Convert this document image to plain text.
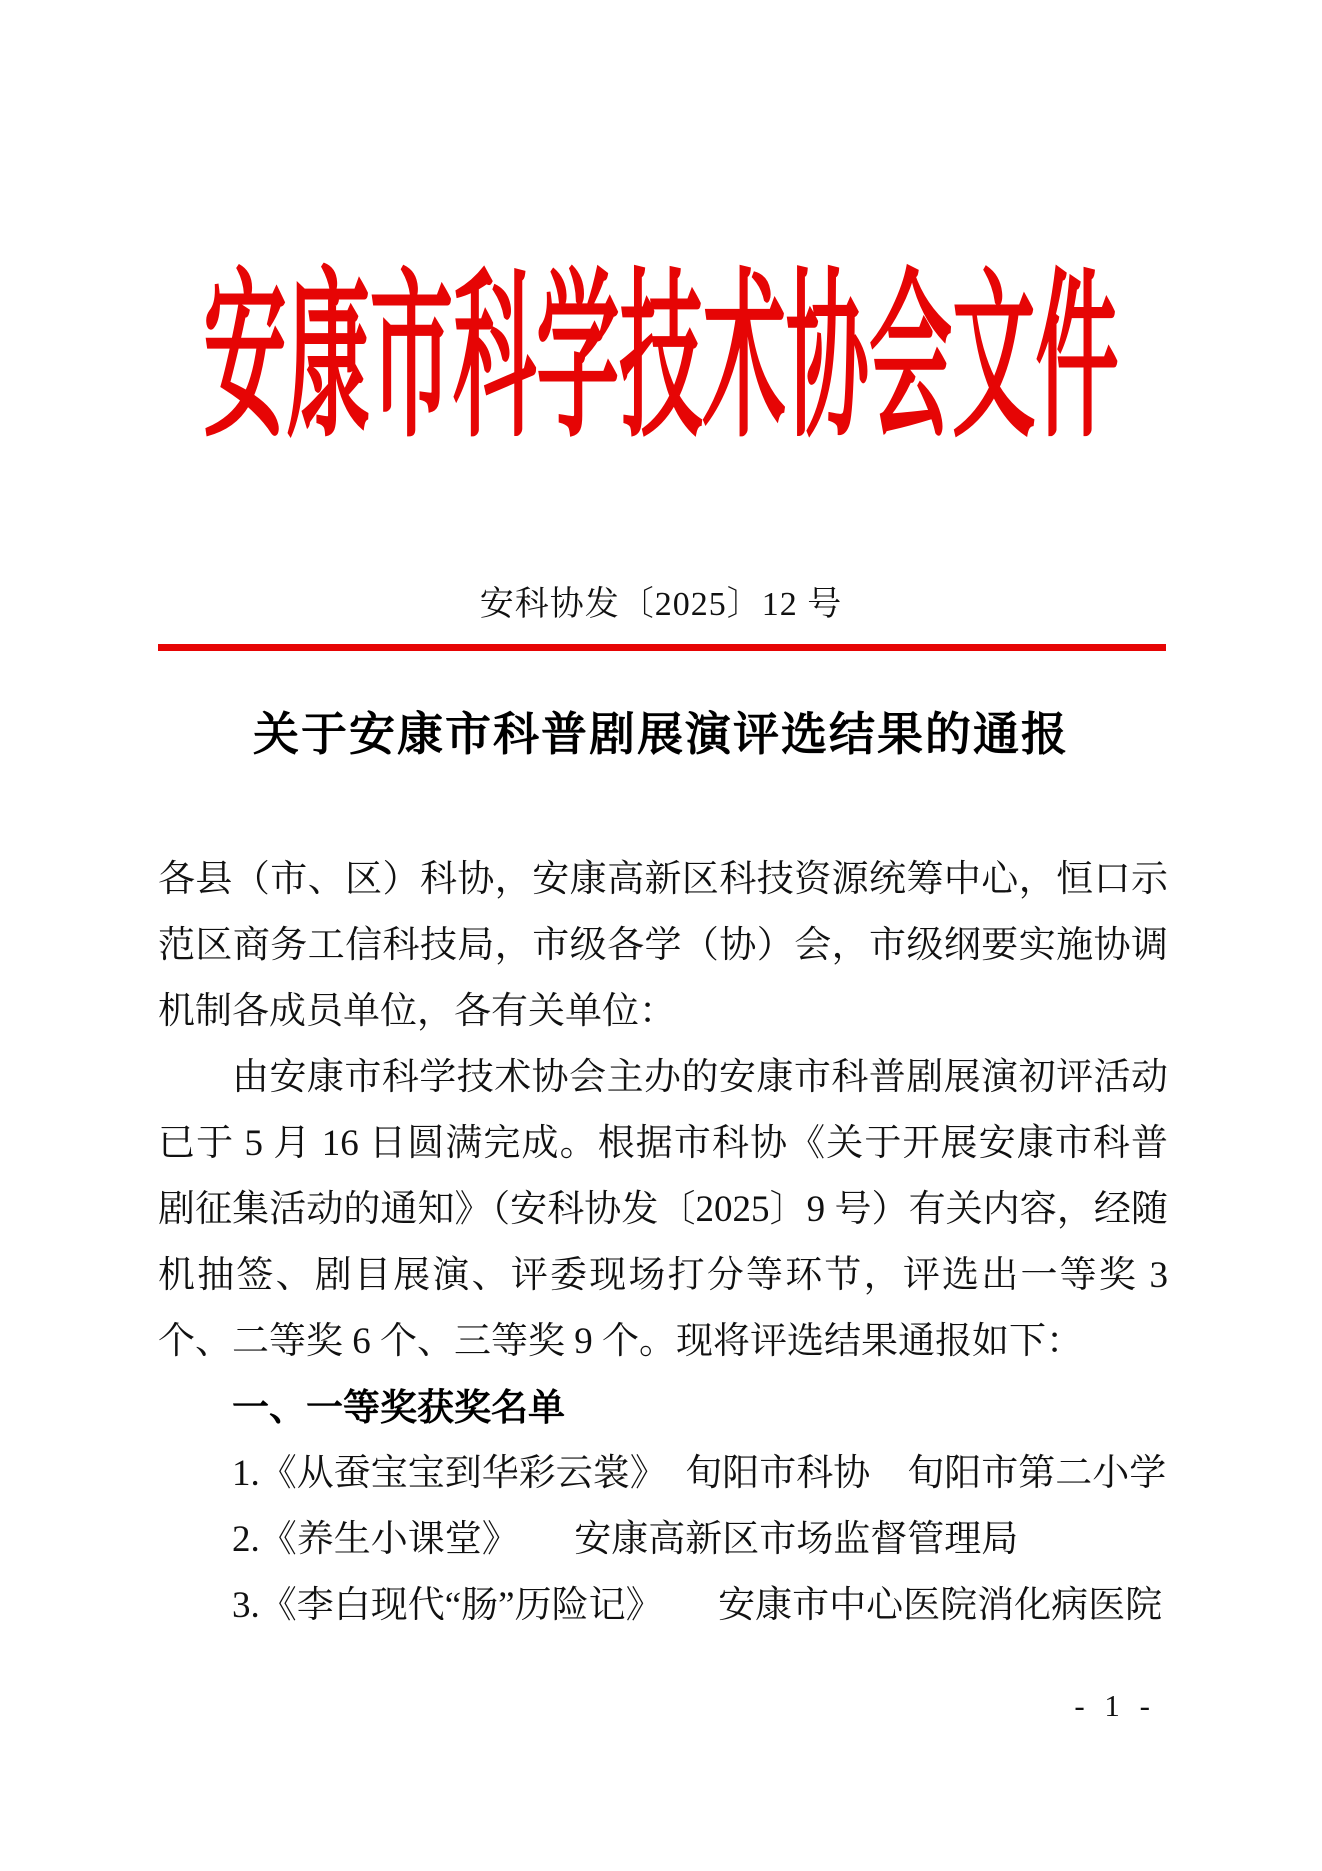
安康市科学技术协会文件
安科协发〔2025〕12 号
关于安康市科普剧展演评选结果的通报
各县（市、区）科协，安康高新区科技资源统筹中心，恒口示范区商务工信科技局，市级各学（协）会，市级纲要实施协调机制各成员单位，各有关单位：
由安康市科学技术协会主办的安康市科普剧展演初评活动已于 5 月 16 日圆满完成。根据市科协《关于开展安康市科普剧征集活动的通知》（安科协发〔2025〕9 号）有关内容，经随机抽签、剧目展演、评委现场打分等环节，评选出一等奖 3 个、二等奖 6 个、三等奖 9 个。现将评选结果通报如下：
一、一等奖获奖名单
1.《从蚕宝宝到华彩云裳》　旬阳市科协　旬阳市第二小学
2.《养生小课堂》　　安康高新区市场监督管理局
3.《李白现代“肠”历险记》　　安康市中心医院消化病医院
- 1 -
